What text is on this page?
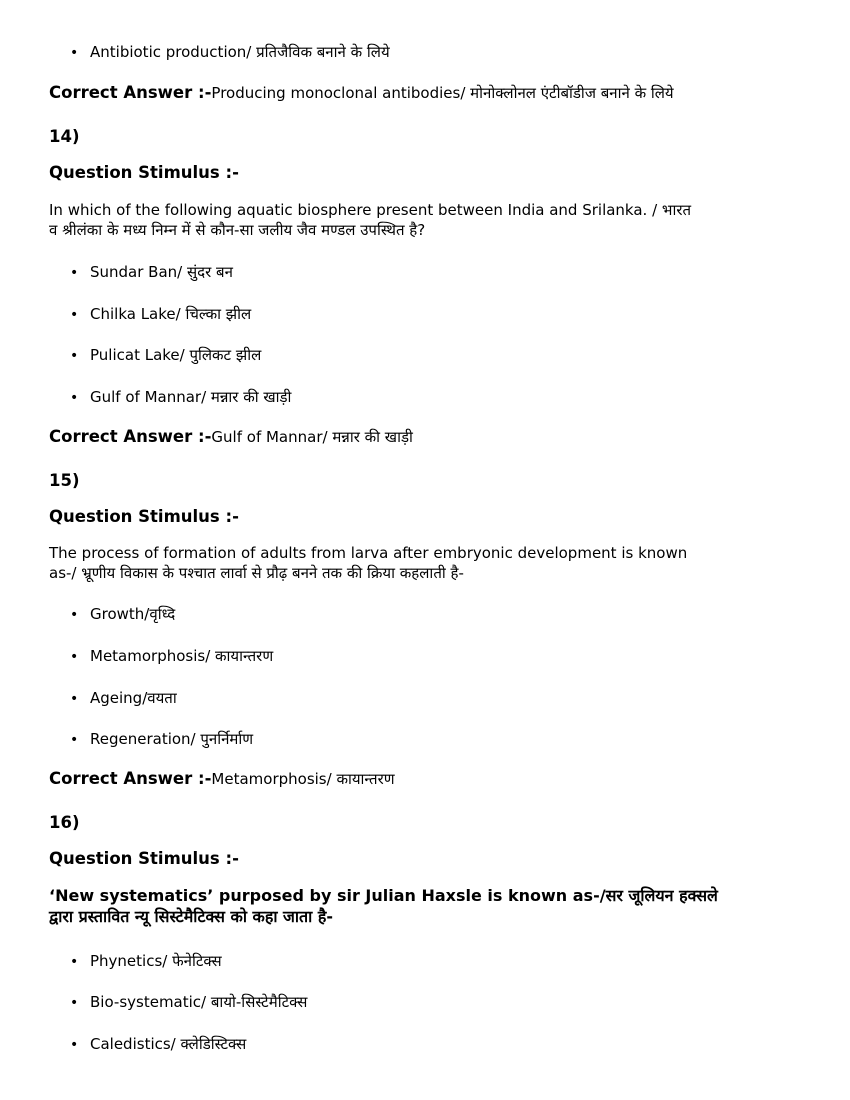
• Antibiotic production/ प्रतिजैविक बनाने के लिये
Correct Answer :-Producing monoclonal antibodies/ मोनोक्लोनल एंटीबॉडीज बनाने के लिये
14)
Question Stimulus :-
In which of the following aquatic biosphere present between India and Srilanka. / भारत
व श्रीलंका के मध्य निम्न में से कौन-सा जलीय जैव मण्डल उपस्थित है?
• Sundar Ban/ सुंदर बन
• Chilka Lake/ चिल्का झील
• Pulicat Lake/ पुलिकट झील
• Gulf of Mannar/ मन्नार की खाड़ी
Correct Answer :-Gulf of Mannar/ मन्नार की खाड़ी
15)
Question Stimulus :-
The process of formation of adults from larva after embryonic development is known
as-/ भ्रूणीय विकास के पश्चात लार्वा से प्रौढ़ बनने तक की क्रिया कहलाती है-
• Growth/वृध्दि
• Metamorphosis/ कायान्तरण
• Ageing/वयता
• Regeneration/ पुनर्निर्माण
Correct Answer :-Metamorphosis/ कायान्तरण
16)
Question Stimulus :-
‘New systematics’ purposed by sir Julian Haxsle is known as-/सर जूलियन हक्सले
द्वारा प्रस्तावित न्यू सिस्टेमैटिक्स को कहा जाता है-
• Phynetics/ फेनेटिक्स
• Bio-systematic/ बायो-सिस्टेमैटिक्स
• Caledistics/ क्लेडिस्टिक्स
